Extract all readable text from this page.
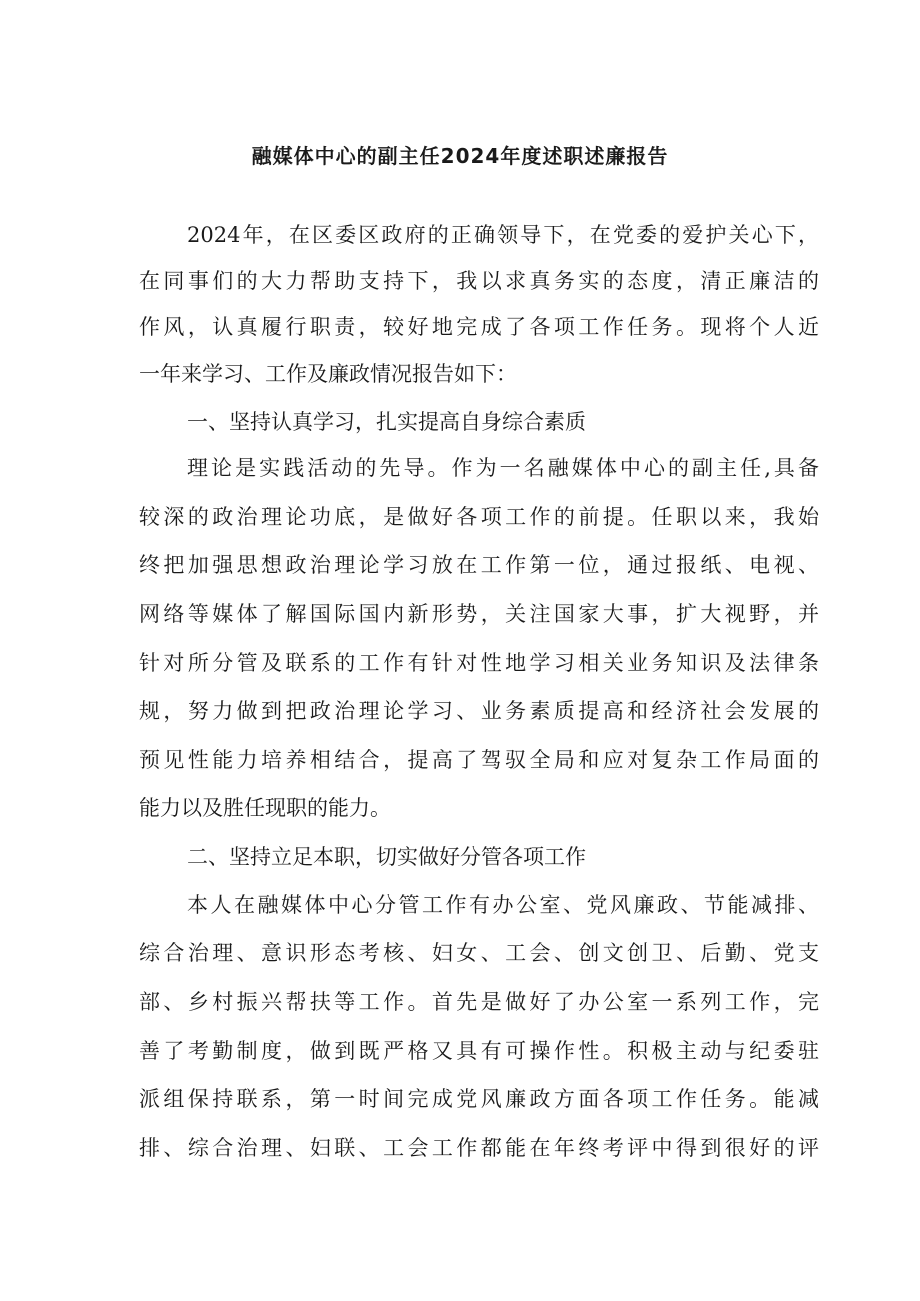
融媒体中心的副主任2024年度述职述廉报告

2024年，在区委区政府的正确领导下，在党委的爱护关心下，

在同事们的大力帮助支持下，我以求真务实的态度，清正廉洁的

作风，认真履行职责，较好地完成了各项工作任务。现将个人近

一年来学习、工作及廉政情况报告如下：

一、坚持认真学习，扎实提高自身综合素质

理论是实践活动的先导。作为一名融媒体中心的副主任,具备

较深的政治理论功底，是做好各项工作的前提。任职以来，我始

终把加强思想政治理论学习放在工作第一位，通过报纸、电视、

网络等媒体了解国际国内新形势，关注国家大事，扩大视野，并

针对所分管及联系的工作有针对性地学习相关业务知识及法律条

规，努力做到把政治理论学习、业务素质提高和经济社会发展的

预见性能力培养相结合，提高了驾驭全局和应对复杂工作局面的

能力以及胜任现职的能力。

二、坚持立足本职，切实做好分管各项工作

本人在融媒体中心分管工作有办公室、党风廉政、节能减排、

综合治理、意识形态考核、妇女、工会、创文创卫、后勤、党支

部、乡村振兴帮扶等工作。首先是做好了办公室一系列工作，完

善了考勤制度，做到既严格又具有可操作性。积极主动与纪委驻

派组保持联系，第一时间完成党风廉政方面各项工作任务。能减

排、综合治理、妇联、工会工作都能在年终考评中得到很好的评
